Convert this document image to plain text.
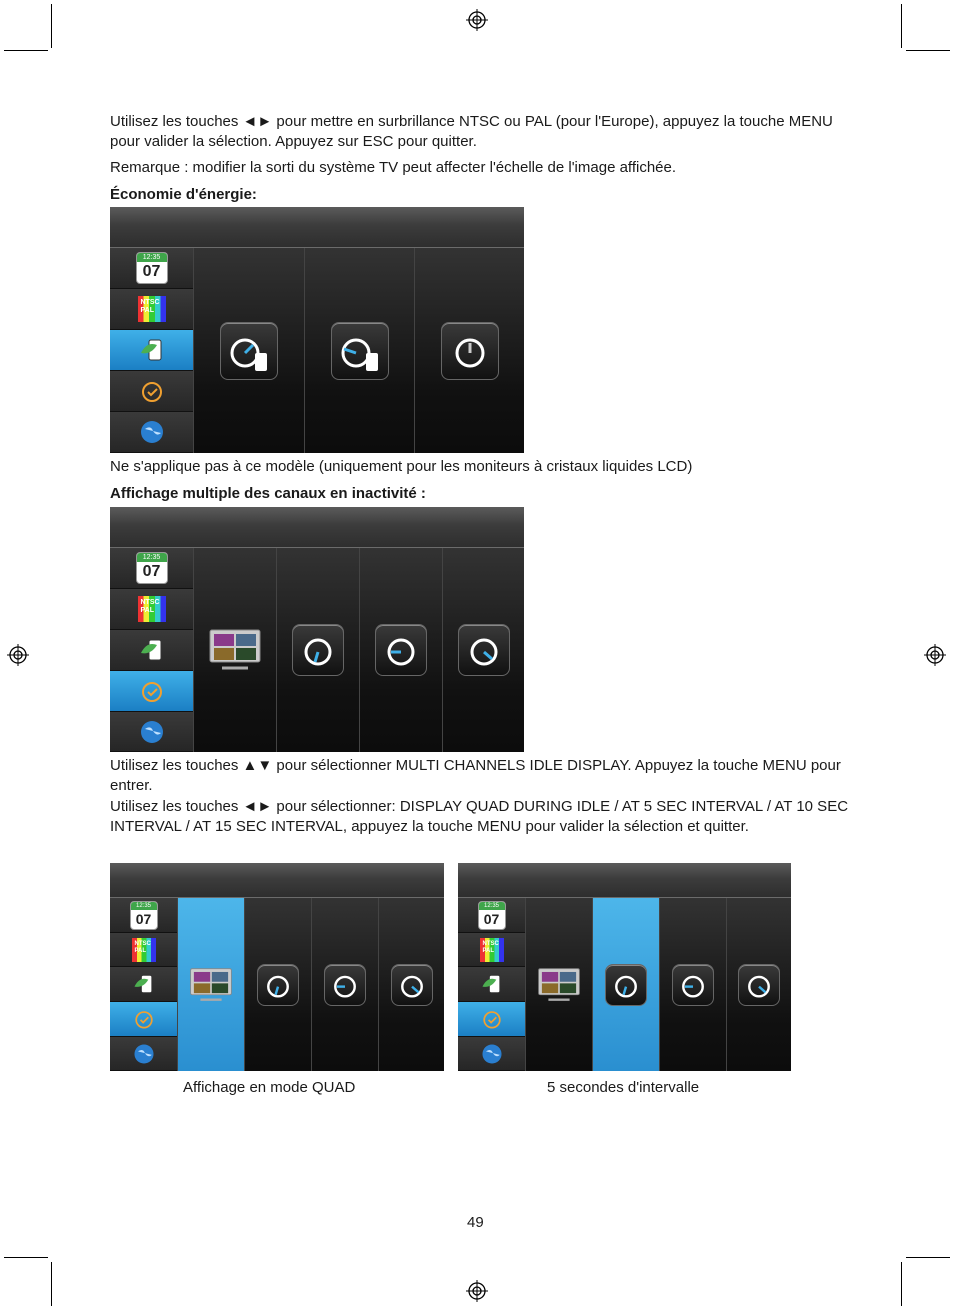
Utilisez les touches ◄► pour mettre en surbrillance NTSC ou PAL (pour l'Europe), appuyez la touche MENU pour valider la sélection. Appuyez sur ESC pour quitter.

Remarque : modifier la sorti du système TV peut affecter l'échelle de l'image affichée.

Économie d'énergie:

12:35
07
NTSC
PAL

Ne s'applique pas à ce modèle (uniquement pour les moniteurs à cristaux liquides LCD)

Affichage multiple des canaux en inactivité :

12:35
07
NTSC
PAL

Utilisez les touches ▲▼ pour sélectionner MULTI CHANNELS IDLE DISPLAY. Appuyez la touche MENU pour entrer.

Utilisez les touches ◄► pour sélectionner: DISPLAY QUAD DURING IDLE / AT 5 SEC INTERVAL / AT 10 SEC INTERVAL / AT 15 SEC INTERVAL, appuyez la touche MENU pour valider la sélection et quitter.

12:35
07
NTSC
PAL
12:35
07
NTSC
PAL
Affichage en mode QUAD	5 secondes d'intervalle
49
